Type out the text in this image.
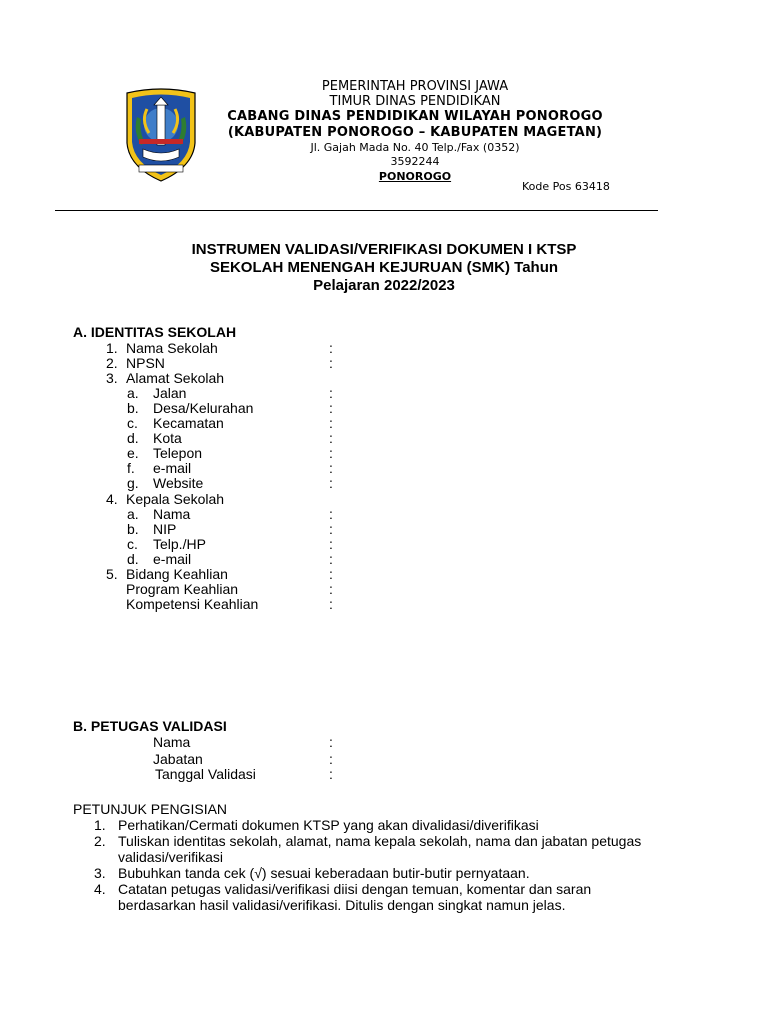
PEMERINTAH PROVINSI JAWA
TIMUR DINAS PENDIDIKAN
CABANG DINAS PENDIDIKAN WILAYAH PONOROGO
(KABUPATEN PONOROGO – KABUPATEN MAGETAN)
Jl. Gajah Mada No. 40 Telp./Fax (0352)
3592244
PONOROGO
Kode Pos 63418
INSTRUMEN VALIDASI/VERIFIKASI DOKUMEN I KTSP
SEKOLAH MENENGAH KEJURUAN (SMK) Tahun
Pelajaran 2022/2023
A. IDENTITAS SEKOLAH
1. Nama Sekolah	:
2. NPSN	:
3. Alamat Sekolah
a. Jalan	:
b. Desa/Kelurahan	:
c. Kecamatan	:
d. Kota	:
e. Telepon	:
f. e-mail	:
g. Website	:
4. Kepala Sekolah
a. Nama	:
b. NIP	:
c. Telp./HP	:
d. e-mail	:
5. Bidang Keahlian	:
Program Keahlian	:
Kompetensi Keahlian	:
B. PETUGAS VALIDASI
Nama	:
Jabatan	:
Tanggal Validasi	:
PETUNJUK PENGISIAN
1. Perhatikan/Cermati dokumen KTSP yang akan divalidasi/diverifikasi
2. Tuliskan identitas sekolah, alamat, nama kepala sekolah, nama dan jabatan petugas validasi/verifikasi
3. Bubuhkan tanda cek (√) sesuai keberadaan butir-butir pernyataan.
4. Catatan petugas validasi/verifikasi diisi dengan temuan, komentar dan saran berdasarkan hasil validasi/verifikasi. Ditulis dengan singkat namun jelas.
